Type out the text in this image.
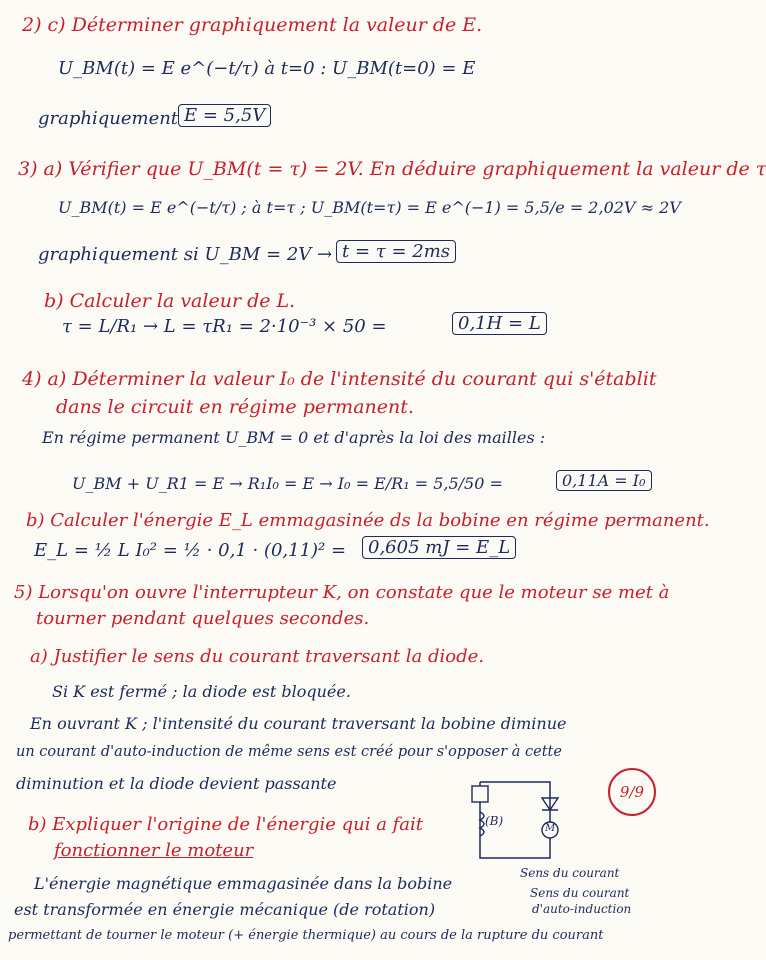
2) c) Déterminer graphiquement la valeur de E.
U_BM(t) = E e^(−t/τ) à t=0 : U_BM(t=0) = E
graphiquement E = 5,5V
3) a) Vérifier que U_BM(t = τ) = 2V. En déduire graphiquement la valeur de τ
U_BM(t) = E e^(−t/τ) ; à t=τ ; U_BM(t=τ) = E e^(−1) = 5,5/e = 2,02V ≈ 2V
graphiquement si U_BM = 2V → t = τ = 2ms
b) Calculer la valeur de L.
τ = L/R₁ → L = τR₁ = 2·10⁻³ × 50 =	0,1H = L
4) a) Déterminer la valeur I₀ de l'intensité du courant qui s'établit
dans le circuit en régime permanent.
En régime permanent U_BM = 0 et d'après la loi des mailles :
U_BM + U_R1 = E → R₁I₀ = E → I₀ = E/R₁ = 5,5/50 =	0,11A = I₀
b) Calculer l'énergie E_L emmagasinée ds la bobine en régime permanent.
E_L = ½ L I₀² = ½ · 0,1 · (0,11)² =	0,605 mJ = E_L
5) Lorsqu'on ouvre l'interrupteur K, on constate que le moteur se met à
tourner pendant quelques secondes.
a) Justifier le sens du courant traversant la diode.
Si K est fermé ; la diode est bloquée.
En ouvrant K ; l'intensité du courant traversant la bobine diminue
un courant d'auto-induction de même sens est créé pour s'opposer à cette
diminution et la diode devient passante
b) Expliquer l'origine de l'énergie qui a fait
fonctionner le moteur
L'énergie magnétique emmagasinée dans la bobine
est transformée en énergie mécanique (de rotation)
permettant de tourner le moteur (+ énergie thermique) au cours de la rupture du courant
(B)
M
Sens du courant
Sens du courant
d'auto-induction
9/9
